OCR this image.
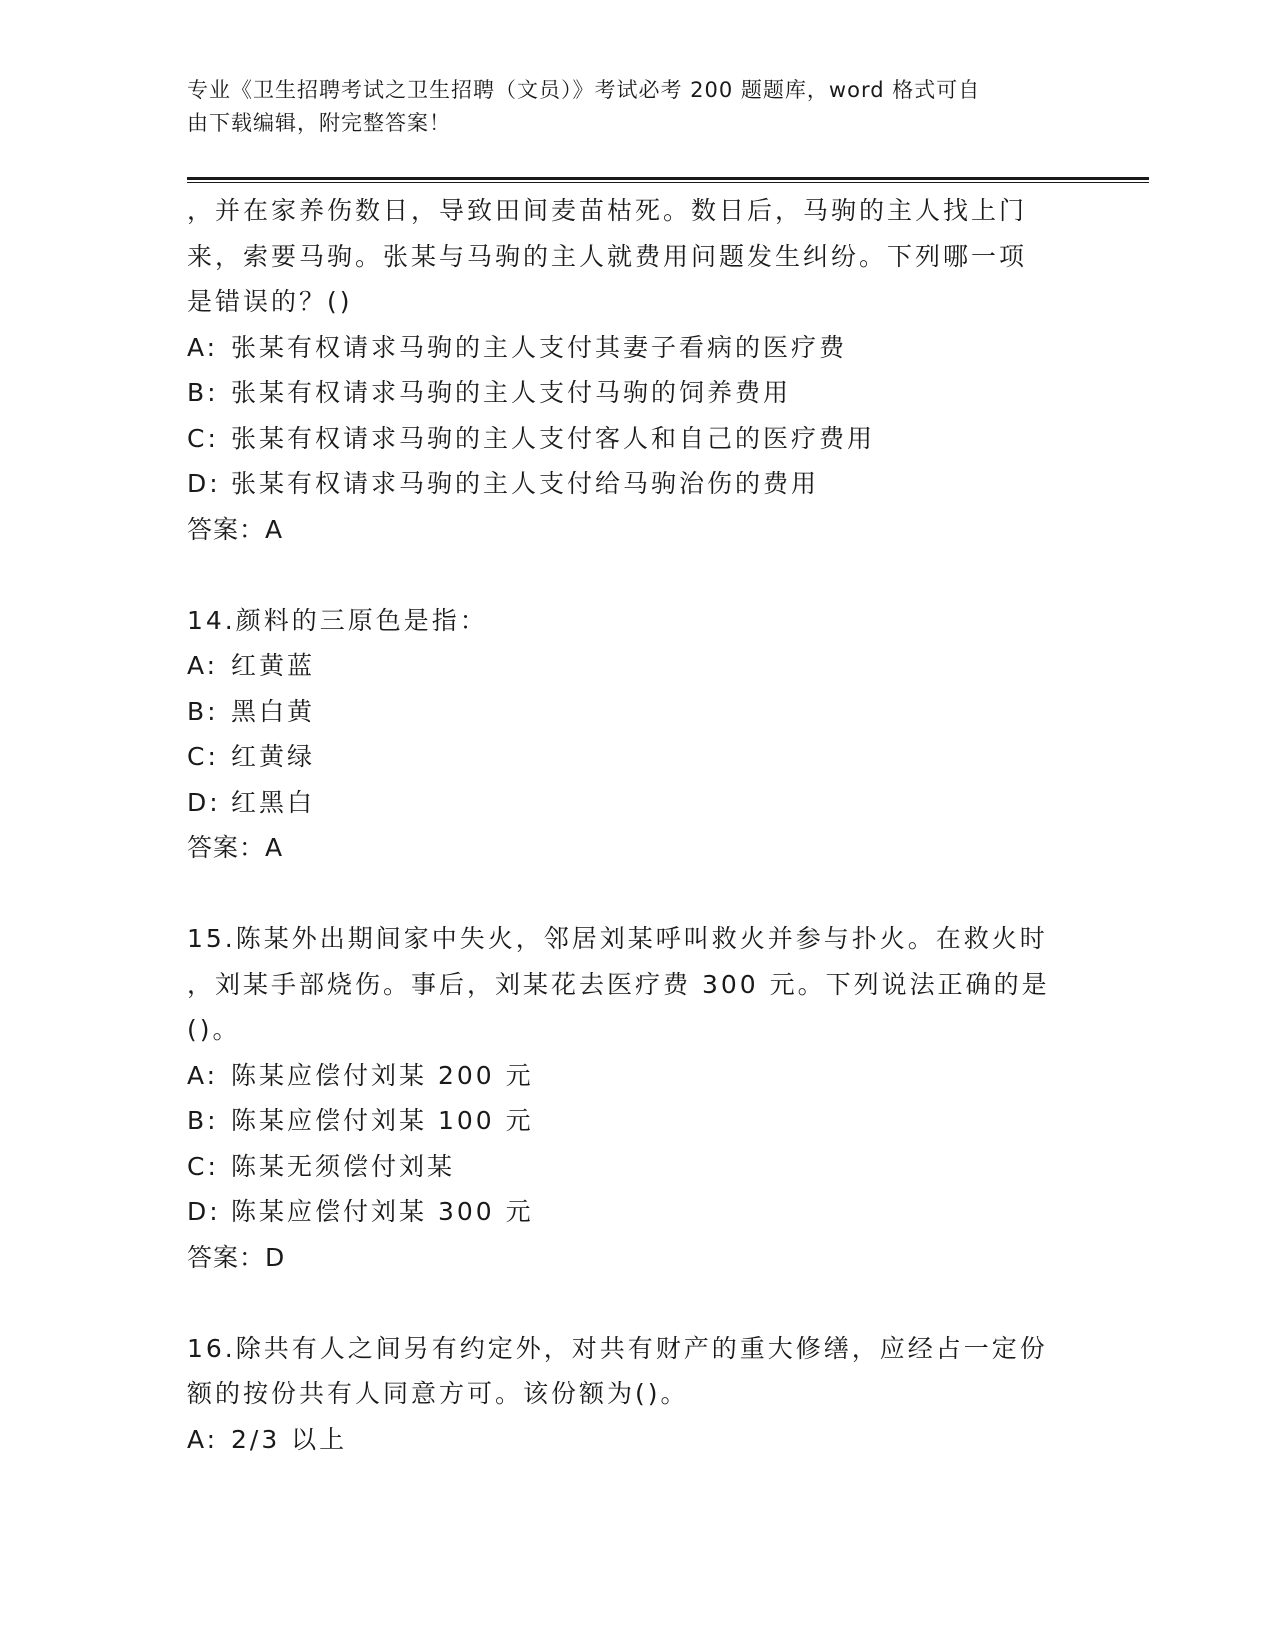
专业《卫生招聘考试之卫生招聘（文员）》考试必考 200 题题库，word 格式可自
由下载编辑，附完整答案！
，并在家养伤数日，导致田间麦苗枯死。数日后，马驹的主人找上门
来，索要马驹。张某与马驹的主人就费用问题发生纠纷。下列哪一项
是错误的？()
A: 张某有权请求马驹的主人支付其妻子看病的医疗费
B: 张某有权请求马驹的主人支付马驹的饲养费用
C: 张某有权请求马驹的主人支付客人和自己的医疗费用
D: 张某有权请求马驹的主人支付给马驹治伤的费用
答案：A
14.颜料的三原色是指：
A: 红黄蓝
B: 黑白黄
C: 红黄绿
D: 红黑白
答案：A
15.陈某外出期间家中失火，邻居刘某呼叫救火并参与扑火。在救火时
，刘某手部烧伤。事后，刘某花去医疗费 300 元。下列说法正确的是
()。
A: 陈某应偿付刘某 200 元
B: 陈某应偿付刘某 100 元
C: 陈某无须偿付刘某
D: 陈某应偿付刘某 300 元
答案：D
16.除共有人之间另有约定外，对共有财产的重大修缮，应经占一定份
额的按份共有人同意方可。该份额为()。
A: 2/3 以上
